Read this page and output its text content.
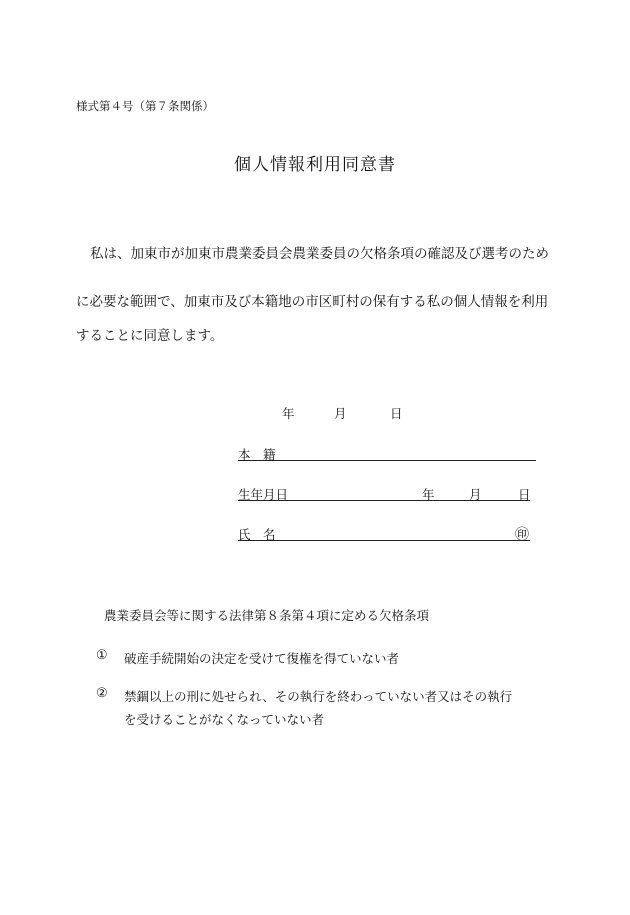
様式第４号（第７条関係）
個人情報利用同意書
私は、加東市が加東市農業委員会農業委員の欠格条項の確認及び選考のため
に必要な範囲で、加東市及び本籍地の市区町村の保有する私の個人情報を利用
することに同意します。
年	月	日
本　籍
生年月日	年	月	日
氏　名	㊞
農業委員会等に関する法律第８条第４項に定める欠格条項
① 破産手続開始の決定を受けて復権を得ていない者
② 禁錮以上の刑に処せられ、その執行を終わっていない者又はその執行
を受けることがなくなっていない者
